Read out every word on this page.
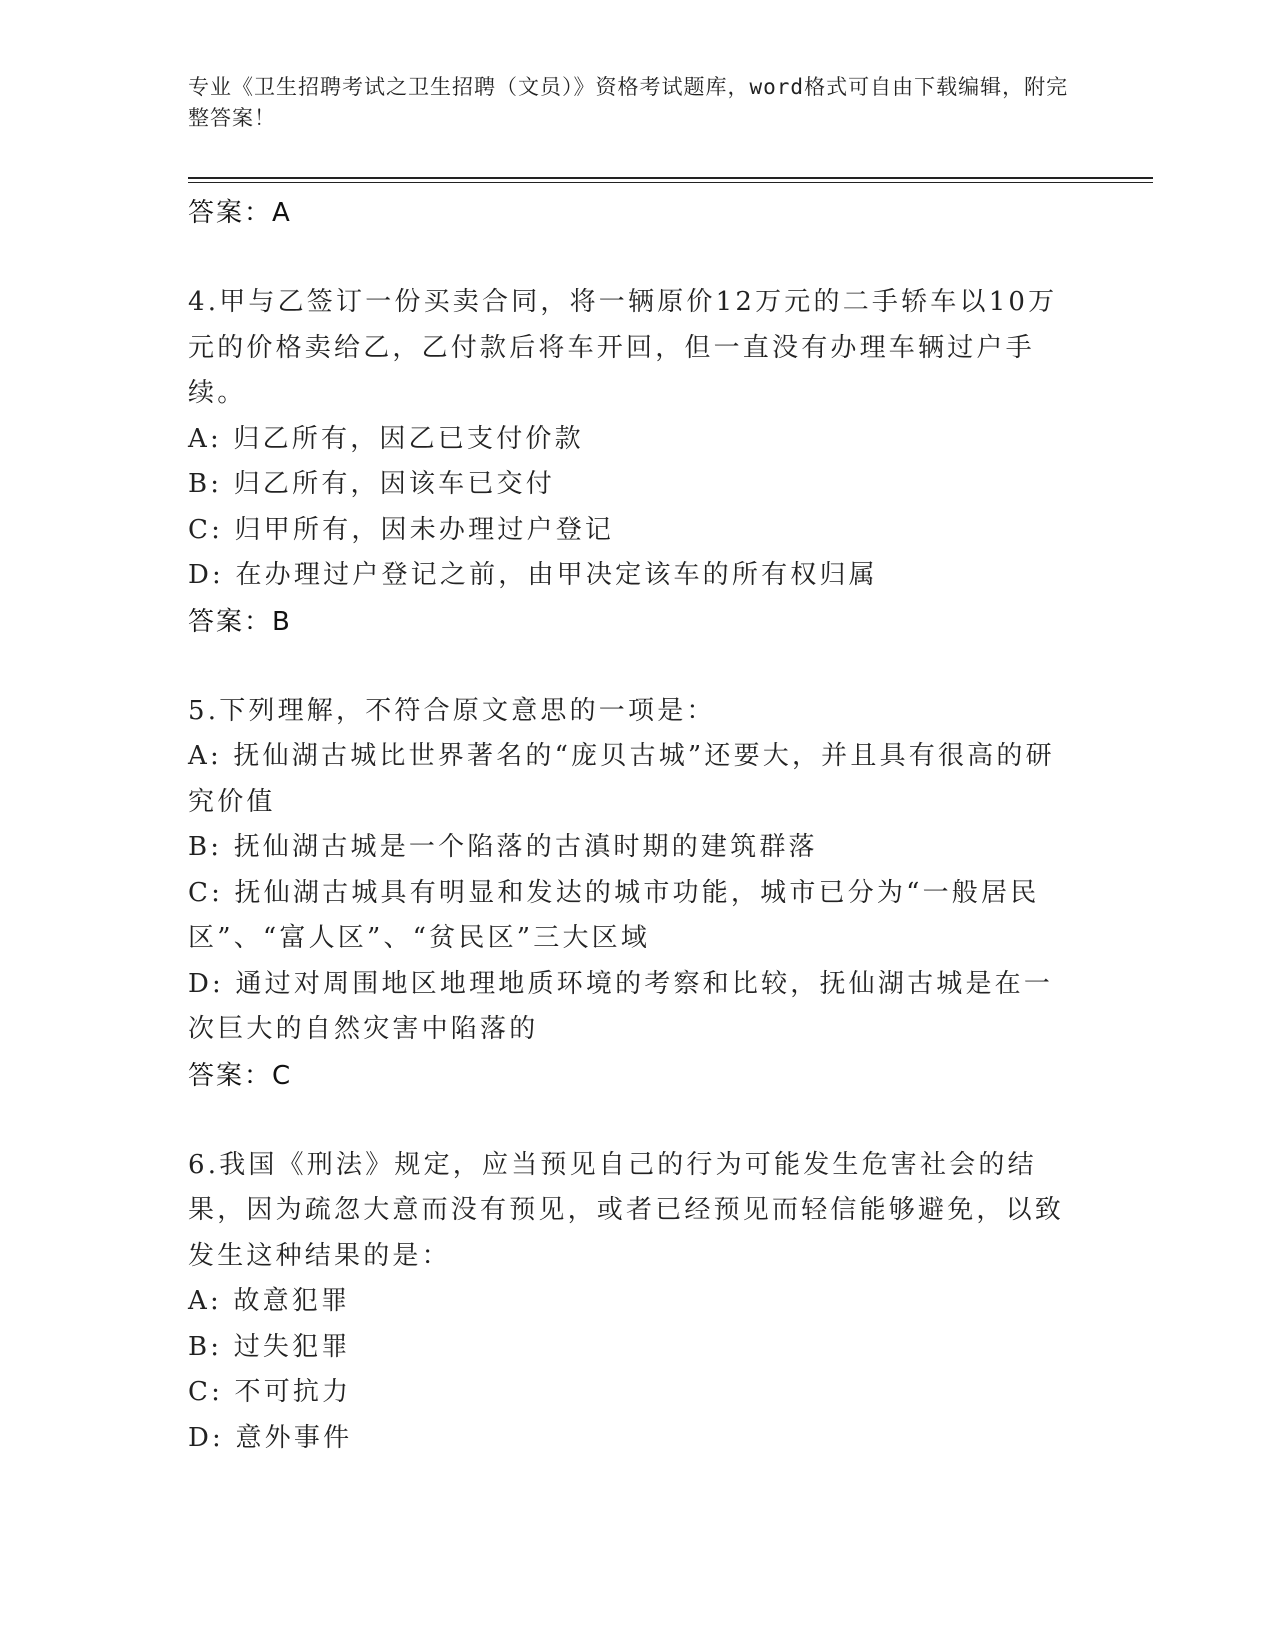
专业《卫生招聘考试之卫生招聘（文员）》资格考试题库，word格式可自由下载编辑，附完整答案！
答案：A
4.甲与乙签订一份买卖合同，将一辆原价12万元的二手轿车以10万元的价格卖给乙，乙付款后将车开回，但一直没有办理车辆过户手续。
A: 归乙所有，因乙已支付价款
B: 归乙所有，因该车已交付
C: 归甲所有，因未办理过户登记
D: 在办理过户登记之前，由甲决定该车的所有权归属
答案：B
5.下列理解，不符合原文意思的一项是：
A: 抚仙湖古城比世界著名的“庞贝古城”还要大，并且具有很高的研究价值
B: 抚仙湖古城是一个陷落的古滇时期的建筑群落
C: 抚仙湖古城具有明显和发达的城市功能，城市已分为“一般居民区”、“富人区”、“贫民区”三大区域
D: 通过对周围地区地理地质环境的考察和比较，抚仙湖古城是在一次巨大的自然灾害中陷落的
答案：C
6.我国《刑法》规定，应当预见自己的行为可能发生危害社会的结果，因为疏忽大意而没有预见，或者已经预见而轻信能够避免，以致发生这种结果的是：
A: 故意犯罪
B: 过失犯罪
C: 不可抗力
D: 意外事件
